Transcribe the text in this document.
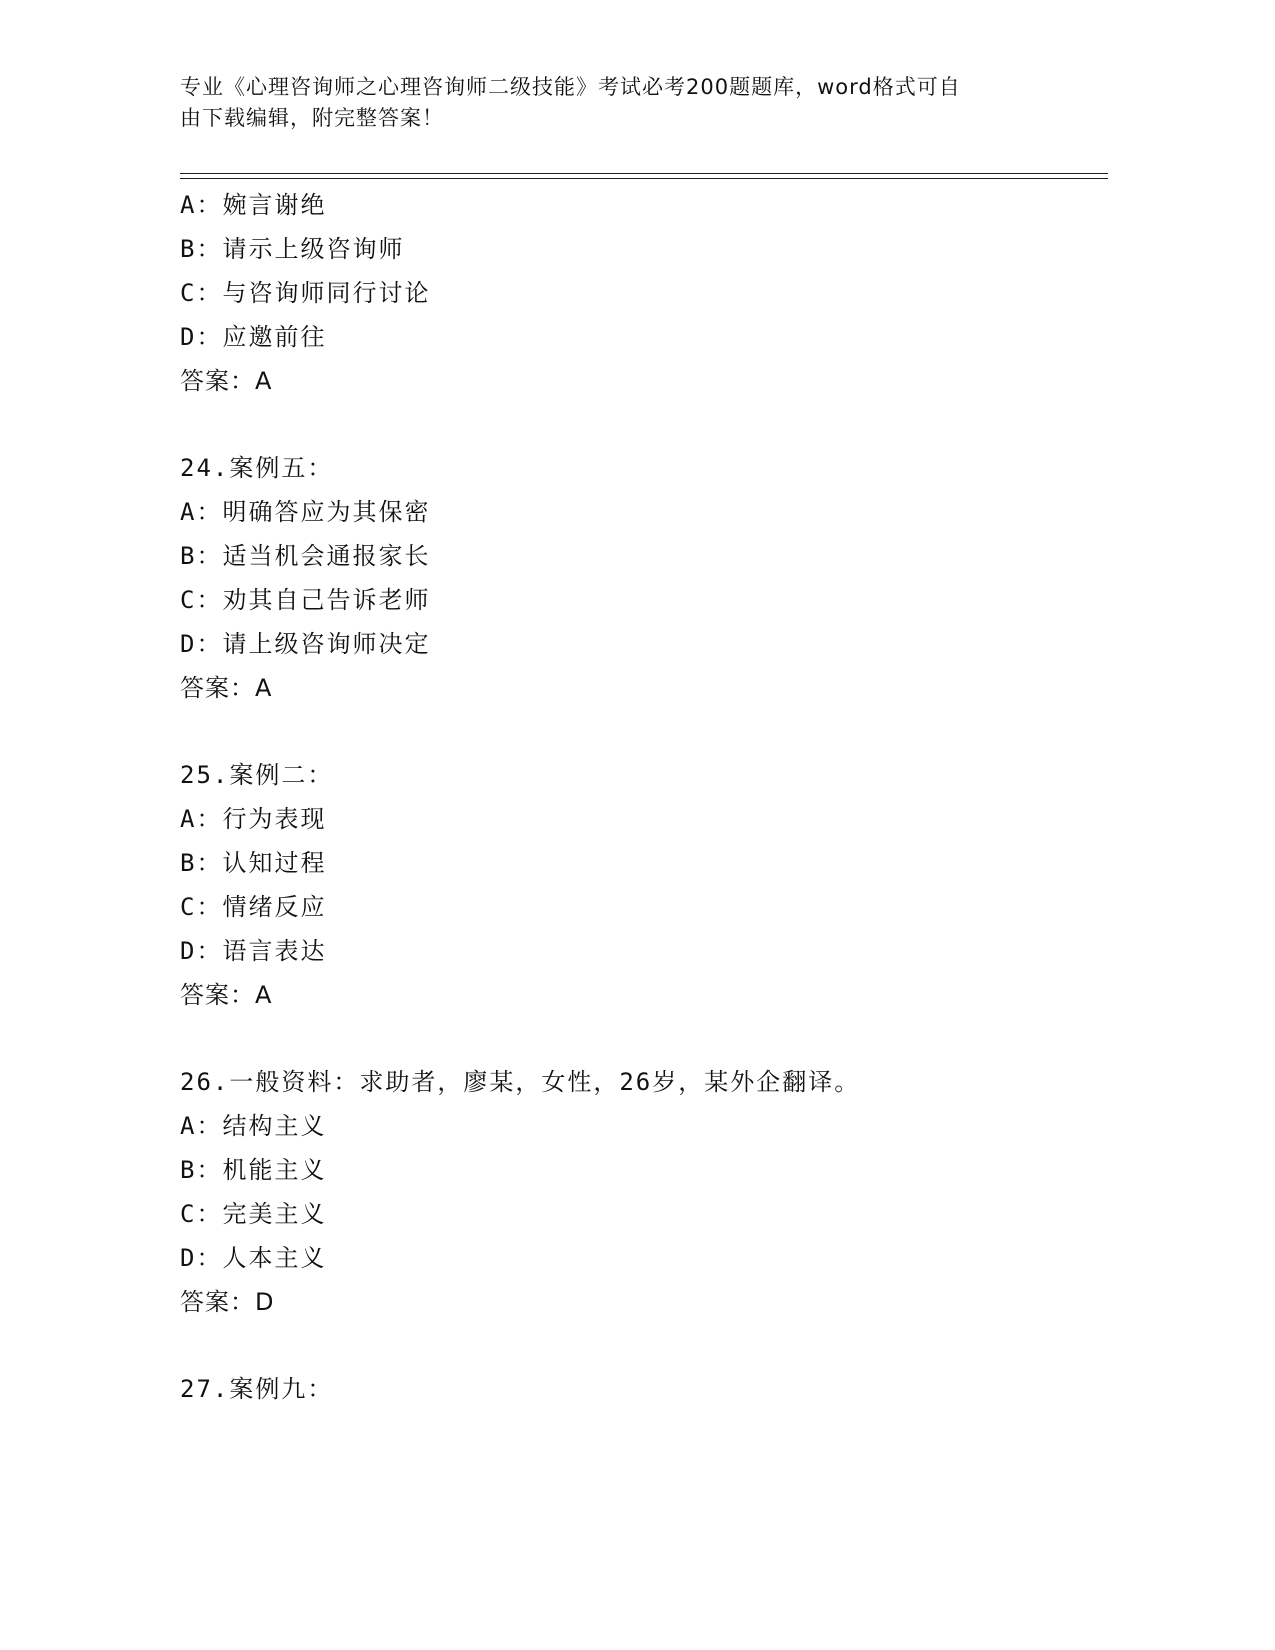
专业《心理咨询师之心理咨询师二级技能》考试必考200题题库，word格式可自
由下载编辑，附完整答案！
A：婉言谢绝
B：请示上级咨询师
C：与咨询师同行讨论
D：应邀前往
答案：A
24.案例五：
A：明确答应为其保密
B：适当机会通报家长
C：劝其自己告诉老师
D：请上级咨询师决定
答案：A
25.案例二：
A：行为表现
B：认知过程
C：情绪反应
D：语言表达
答案：A
26.一般资料：求助者，廖某，女性，26岁，某外企翻译。
A：结构主义
B：机能主义
C：完美主义
D：人本主义
答案：D
27.案例九：
